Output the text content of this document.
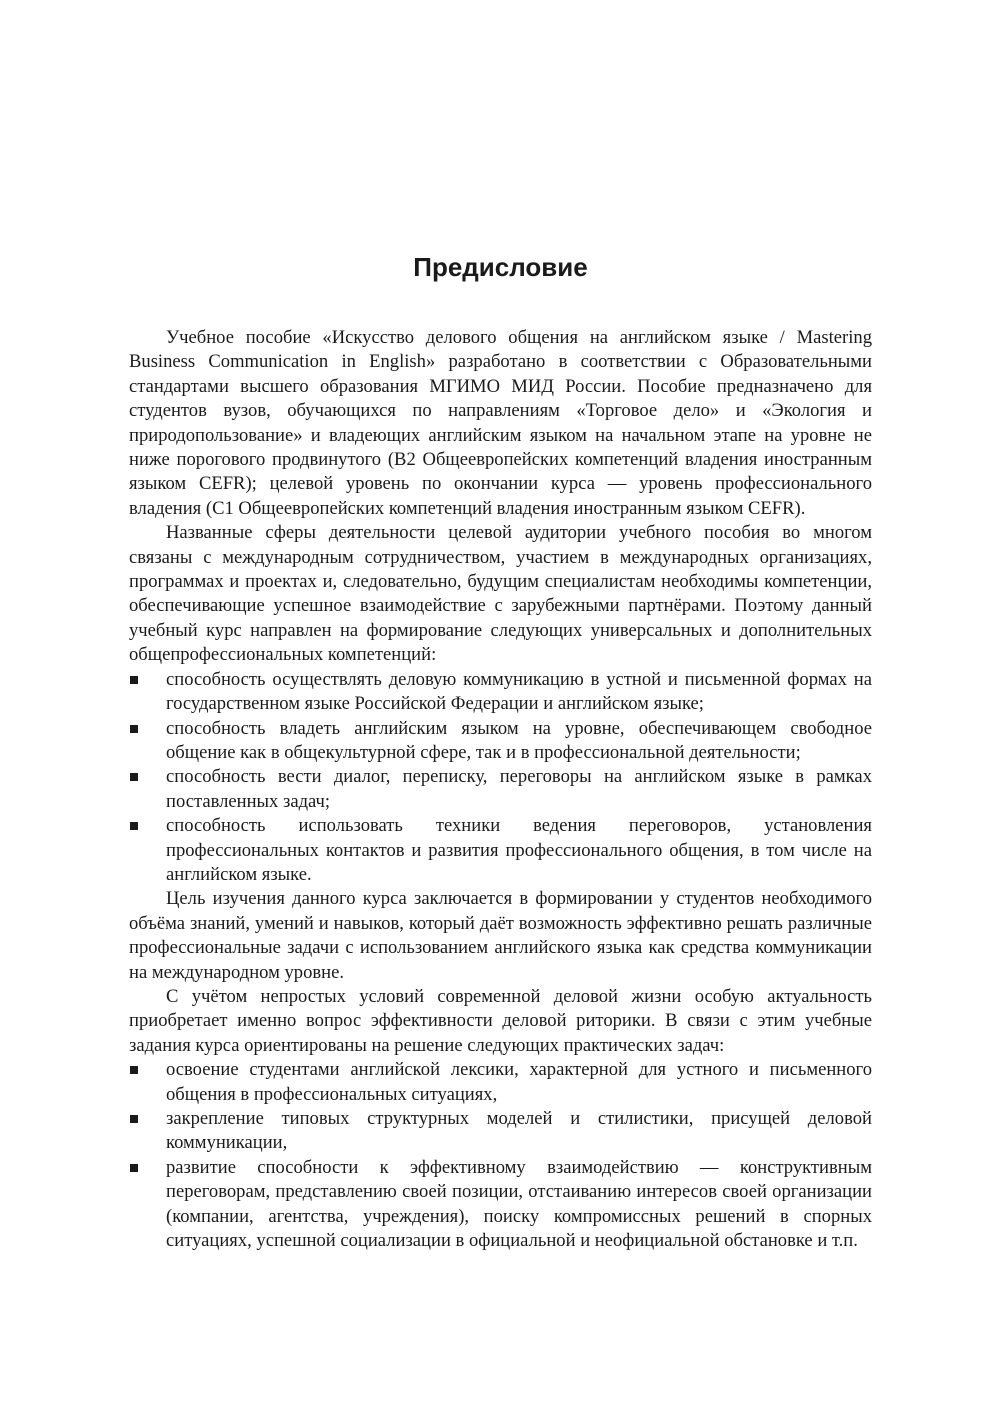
Предисловие

Учебное пособие «Искусство делового общения на английском языке / Mastering Business Communication in English» разработано в соответствии с Образовательными стандартами высшего образования МГИМО МИД России. Пособие предназначено для студентов вузов, обучающихся по направлениям «Торговое дело» и «Экология и природопользование» и владеющих английским языком на начальном этапе на уровне не ниже порогового продвинутого (B2 Общеевропейских компетенций владения иностранным языком CEFR); целевой уровень по окончании курса — уровень профессионального владения (C1 Общеевропейских компетенций владения иностранным языком CEFR).

Названные сферы деятельности целевой аудитории учебного пособия во многом связаны с международным сотрудничеством, участием в международных организациях, программах и проектах и, следовательно, будущим специалистам необходимы компетенции, обеспечивающие успешное взаимодействие с зарубежными партнёрами. Поэтому данный учебный курс направлен на формирование следующих универсальных и дополнительных общепрофессиональных компетенций:

способность осуществлять деловую коммуникацию в устной и письменной формах на государственном языке Российской Федерации и английском языке;
способность владеть английским языком на уровне, обеспечивающем свободное общение как в общекультурной сфере, так и в профессиональной деятельности;
способность вести диалог, переписку, переговоры на английском языке в рамках поставленных задач;
способность использовать техники ведения переговоров, установления профессиональных контактов и развития профессионального общения, в том числе на английском языке.

Цель изучения данного курса заключается в формировании у студентов необходимого объёма знаний, умений и навыков, который даёт возможность эффективно решать различные профессиональные задачи с использованием английского языка как средства коммуникации на международном уровне.

С учётом непростых условий современной деловой жизни особую актуальность приобретает именно вопрос эффективности деловой риторики. В связи с этим учебные задания курса ориентированы на решение следующих практических задач:

освоение студентами английской лексики, характерной для устного и письменного общения в профессиональных ситуациях,
закрепление типовых структурных моделей и стилистики, присущей деловой коммуникации,
развитие способности к эффективному взаимодействию — конструктивным переговорам, представлению своей позиции, отстаиванию интересов своей организации (компании, агентства, учреждения), поиску компромиссных решений в спорных ситуациях, успешной социализации в официальной и неофициальной обстановке и т.п.
